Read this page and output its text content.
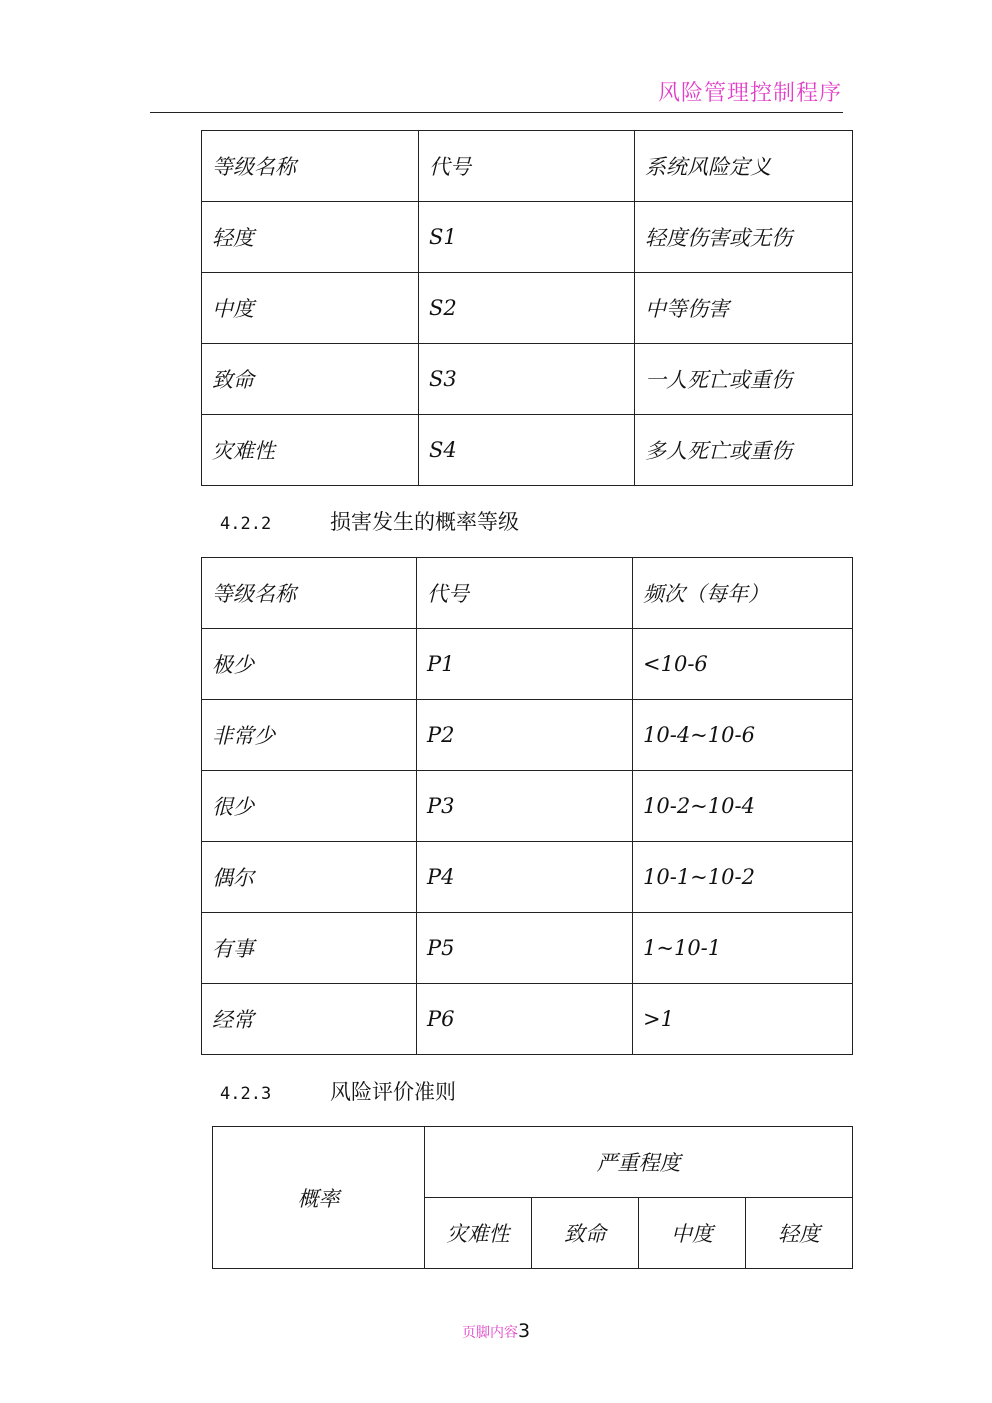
风险管理控制程序
等级名称	代号	系统风险定义
轻度	S1	轻度伤害或无伤
中度	S2	中等伤害
致命	S3	一人死亡或重伤
灾难性	S4	多人死亡或重伤
4.2.2	损害发生的概率等级
等级名称	代号	频次（每年）
极少	P1	<10-6
非常少	P2	10-4~10-6
很少	P3	10-2~10-4
偶尔	P4	10-1~10-2
有事	P5	1~10-1
经常	P6	>1
4.2.3	风险评价准则
概率	严重程度			
	灾难性	致命	中度	轻度
页脚内容3
